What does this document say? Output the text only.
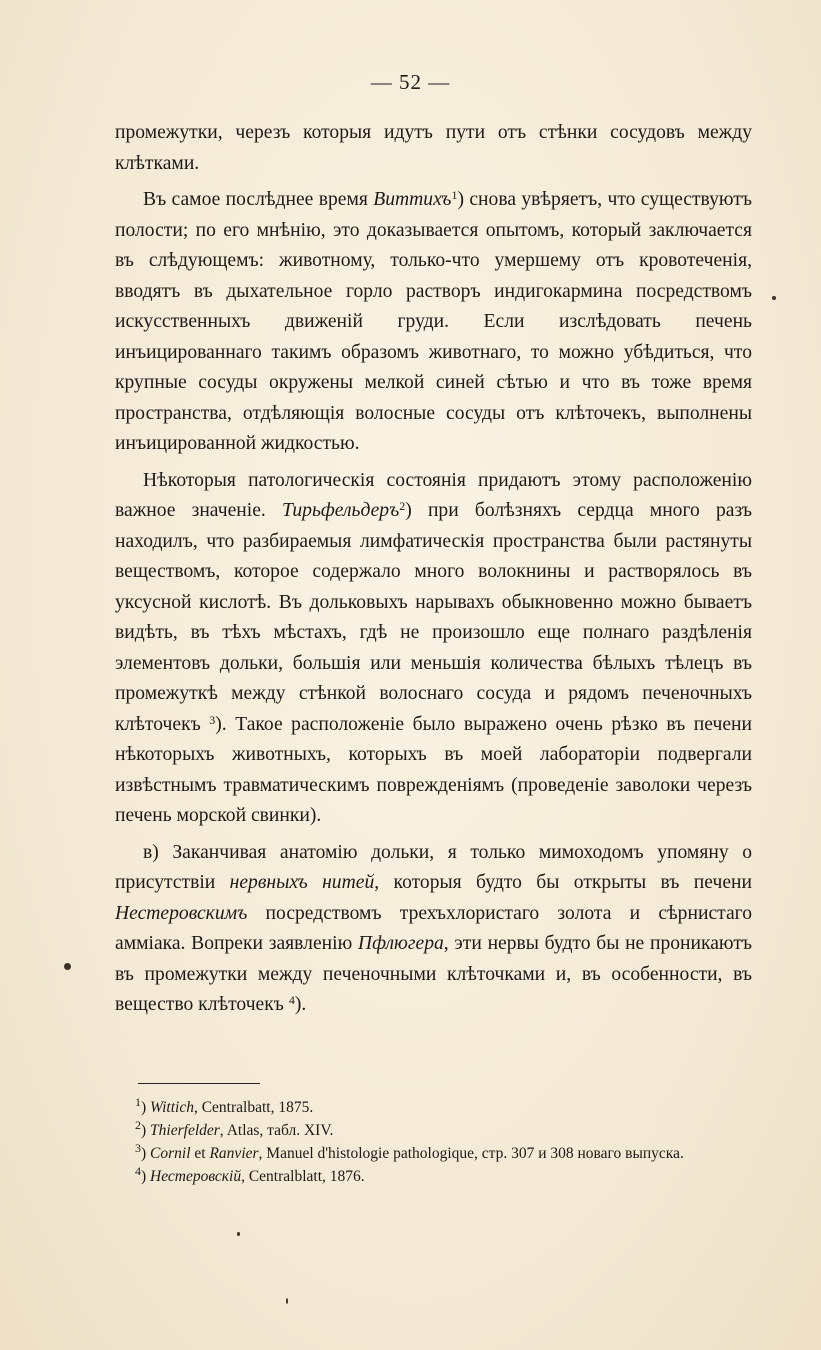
— 52 —

промежутки, черезъ которыя идутъ пути отъ стѣнки сосудовъ между клѣтками.

Въ самое послѣднее время Виттихъ$^1$) снова увѣряетъ, что существуютъ полости; по его мнѣнію, это доказывается опытомъ, который заключается въ слѣдующемъ: животному, только-что умершему отъ кровотеченія, вводятъ въ дыхательное горло растворъ индигокармина посредствомъ искусственныхъ движеній груди. Если изслѣдовать печень инъицированнаго такимъ образомъ животнаго, то можно убѣдиться, что крупные сосуды окружены мелкой синей сѣтью и что въ тоже время пространства, отдѣляющія волосные сосуды отъ клѣточекъ, выполнены инъицированной жидкостью.

Нѣкоторыя патологическія состоянія придаютъ этому расположенію важное значеніе. Тирьфельдеръ$^2$) при болѣзняхъ сердца много разъ находилъ, что разбираемыя лимфатическія пространства были растянуты веществомъ, которое содержало много волокнины и растворялось въ уксусной кислотѣ. Въ дольковыхъ нарывахъ обыкновенно можно бываетъ видѣть, въ тѣхъ мѣстахъ, гдѣ не произошло еще полнаго раздѣленія элементовъ дольки, большія или меньшія количества бѣлыхъ тѣлецъ въ промежуткѣ между стѣнкой волоснаго сосуда и рядомъ печеночныхъ клѣточекъ $^3$). Такое расположеніе было выражено очень рѣзко въ печени нѣкоторыхъ животныхъ, которыхъ въ моей лабораторіи подвергали извѣстнымъ травматическимъ поврежденіямъ (проведеніе заволоки черезъ печень морской свинки).

в) Заканчивая анатомію дольки, я только мимоходомъ упомяну о присутствіи нервныхъ нитей, которыя будто бы открыты въ печени Нестеровскимъ посредствомъ трехъхлористаго золота и сѣрнистаго амміака. Вопреки заявленію Пфлюгера, эти нервы будто бы не проникаютъ въ промежутки между печеночными клѣточками и, въ особенности, въ вещество клѣточекъ $^4$).

$^1$) Wittich, Centralbatt, 1875.

$^2$) Thierfelder, Atlas, табл. XIV.

$^3$) Cornil et Ranvier, Manuel d'histologie pathologique, стр. 307 и 308 новаго выпуска.

$^4$) Нестеровскій, Centralblatt, 1876.
